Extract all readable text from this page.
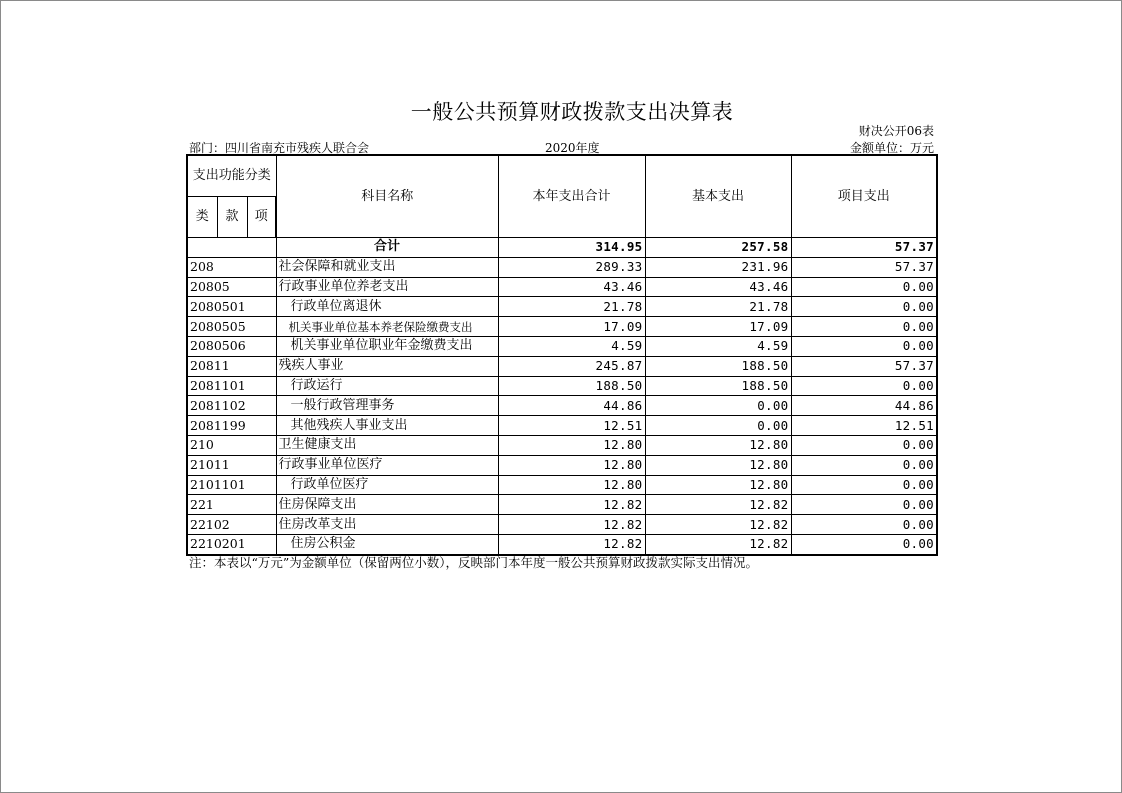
一般公共预算财政拨款支出决算表
财决公开06表
部门：四川省南充市残疾人联合会	2020年度	金额单位：万元
支出功能分类			科目名称	本年支出合计	基本支出	项目支出
类	款	项				
			合计	314.95	257.58	57.37
208			社会保障和就业支出	289.33	231.96	57.37
20805			行政事业单位养老支出	43.46	43.46	0.00
2080501			行政单位离退休	21.78	21.78	0.00
2080505			机关事业单位基本养老保险缴费支出	17.09	17.09	0.00
2080506			机关事业单位职业年金缴费支出	4.59	4.59	0.00
20811			残疾人事业	245.87	188.50	57.37
2081101			行政运行	188.50	188.50	0.00
2081102			一般行政管理事务	44.86	0.00	44.86
2081199			其他残疾人事业支出	12.51	0.00	12.51
210			卫生健康支出	12.80	12.80	0.00
21011			行政事业单位医疗	12.80	12.80	0.00
2101101			行政单位医疗	12.80	12.80	0.00
221			住房保障支出	12.82	12.82	0.00
22102			住房改革支出	12.82	12.82	0.00
2210201			住房公积金	12.82	12.82	0.00
注：本表以“万元”为金额单位（保留两位小数），反映部门本年度一般公共预算财政拨款实际支出情况。
